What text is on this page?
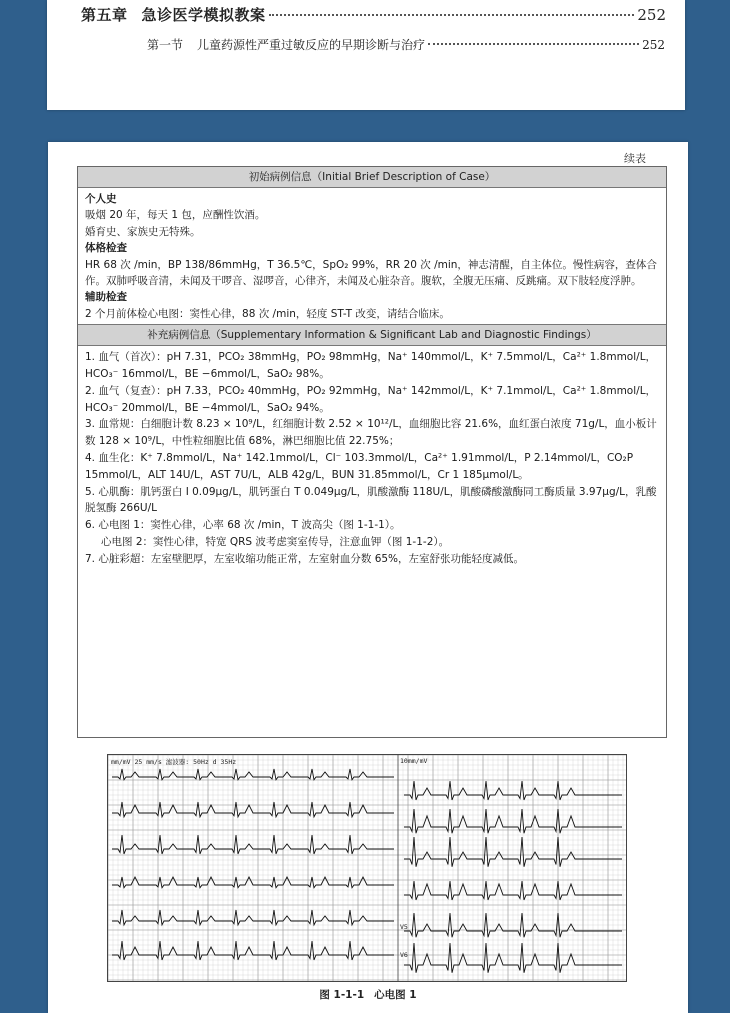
第五章 急诊医学模拟教案	252
第一节 儿童药源性严重过敏反应的早期诊断与治疗	252
续表
初始病例信息（Initial Brief Description of Case）
个人史

吸烟 20 年，每天 1 包，应酬性饮酒。

婚育史、家族史无特殊。

体格检查

HR 68 次 /min，BP 138/86mmHg，T 36.5℃，SpO₂ 99%，RR 20 次 /min，神志清醒，自主体位。慢性病容，查体合作。双肺呼吸音清，未闻及干啰音、湿啰音，心律齐，未闻及心脏杂音。腹软，全腹无压痛、反跳痛。双下肢轻度浮肿。

辅助检查

2 个月前体检心电图：窦性心律，88 次 /min，轻度 ST-T 改变，请结合临床。

补充病例信息（Supplementary Information & Significant Lab and Diagnostic Findings）

1. 血气（首次）：pH 7.31，PCO₂ 38mmHg，PO₂ 98mmHg，Na⁺ 140mmol/L，K⁺ 7.5mmol/L，Ca²⁺ 1.8mmol/L，HCO₃⁻ 16mmol/L，BE −6mmol/L，SaO₂ 98%。

2. 血气（复查）：pH 7.33，PCO₂ 40mmHg，PO₂ 92mmHg，Na⁺ 142mmol/L，K⁺ 7.1mmol/L，Ca²⁺ 1.8mmol/L，HCO₃⁻ 20mmol/L，BE −4mmol/L，SaO₂ 94%。

3. 血常规：白细胞计数 8.23 × 10⁹/L，红细胞计数 2.52 × 10¹²/L，血细胞比容 21.6%，血红蛋白浓度 71g/L，血小板计数 128 × 10⁹/L，中性粒细胞比值 68%，淋巴细胞比值 22.75%；

4. 血生化：K⁺ 7.8mmol/L，Na⁺ 142.1mmol/L，Cl⁻ 103.3mmol/L，Ca²⁺ 1.91mmol/L，P 2.14mmol/L，CO₂P 15mmol/L，ALT 14U/L，AST 7U/L，ALB 42g/L，BUN 31.85mmol/L，Cr 1 185μmol/L。

5. 心肌酶：肌钙蛋白 I 0.09μg/L，肌钙蛋白 T 0.049μg/L，肌酸激酶 118U/L，肌酸磷酸激酶同工酶质量 3.97μg/L，乳酸脱氢酶 266U/L

6. 心电图 1：窦性心律，心率 68 次 /min，T 波高尖（图 1-1-1）。

心电图 2：窦性心律，特宽 QRS 波考虑窦室传导，注意血钾（图 1-1-2）。

7. 心脏彩超：左室壁肥厚，左室收缩功能正常，左室射血分数 65%，左室舒张功能轻度减低。

mm/mV 25 mm/s 滤波器: 50Hz d 35Hz	10mm/mV
V5
V6
图 1-1-1 心电图 1
